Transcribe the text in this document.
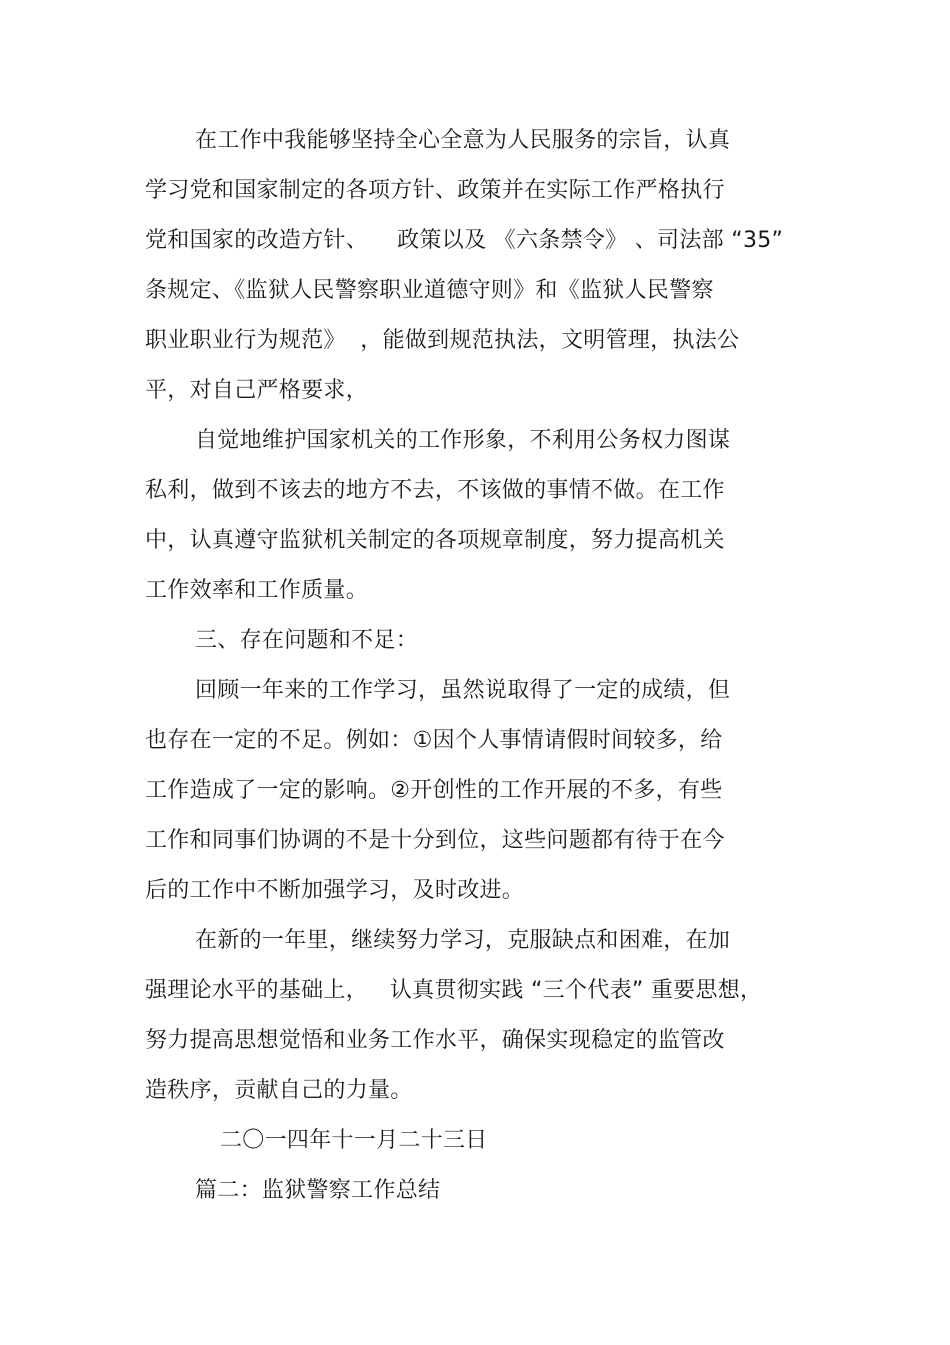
在工作中我能够坚持全心全意为人民服务的宗旨，认真
学习党和国家制定的各项方针、政策并在实际工作严格执行
党和国家的改造方针、    政策以及 《六条禁令》 、司法部 “35”
条规定、《监狱人民警察职业道德守则》和《监狱人民警察
职业职业行为规范》  ，能做到规范执法，文明管理，执法公
平，对自己严格要求，
自觉地维护国家机关的工作形象，不利用公务权力图谋
私利，做到不该去的地方不去，不该做的事情不做。在工作
中，认真遵守监狱机关制定的各项规章制度，努力提高机关
工作效率和工作质量。
三、存在问题和不足：
回顾一年来的工作学习，虽然说取得了一定的成绩，但
也存在一定的不足。例如：①因个人事情请假时间较多，给
工作造成了一定的影响。②开创性的工作开展的不多，有些
工作和同事们协调的不是十分到位，这些问题都有待于在今
后的工作中不断加强学习，及时改进。
在新的一年里，继续努力学习，克服缺点和困难，在加
强理论水平的基础上，   认真贯彻实践 “三个代表” 重要思想，
努力提高思想觉悟和业务工作水平，确保实现稳定的监管改
造秩序，贡献自己的力量。
二〇一四年十一月二十三日
篇二：监狱警察工作总结
